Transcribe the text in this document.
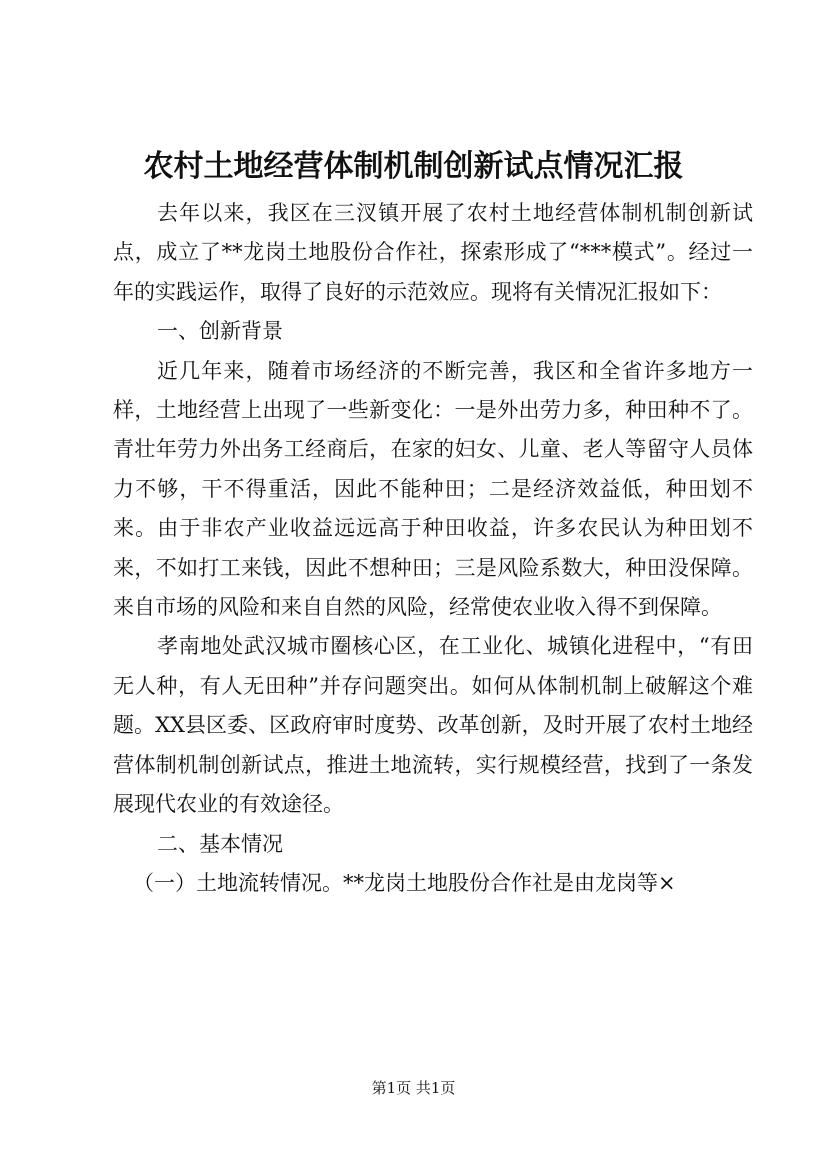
农村土地经营体制机制创新试点情况汇报

去年以来，我区在三汊镇开展了农村土地经营体制机制创新试点，成立了**龙岗土地股份合作社，探索形成了“***模式”。经过一年的实践运作，取得了良好的示范效应。现将有关情况汇报如下：

一、创新背景

近几年来，随着市场经济的不断完善，我区和全省许多地方一样，土地经营上出现了一些新变化：一是外出劳力多，种田种不了。青壮年劳力外出务工经商后，在家的妇女、儿童、老人等留守人员体力不够，干不得重活，因此不能种田；二是经济效益低，种田划不来。由于非农产业收益远远高于种田收益，许多农民认为种田划不来，不如打工来钱，因此不想种田；三是风险系数大，种田没保障。来自市场的风险和来自自然的风险，经常使农业收入得不到保障。

孝南地处武汉城市圈核心区，在工业化、城镇化进程中，“有田无人种，有人无田种”并存问题突出。如何从体制机制上破解这个难题。XX县区委、区政府审时度势、改革创新，及时开展了农村土地经营体制机制创新试点，推进土地流转，实行规模经营，找到了一条发展现代农业的有效途径。

二、基本情况

（一）土地流转情况。**龙岗土地股份合作社是由龙岗等×

第1页 共1页
